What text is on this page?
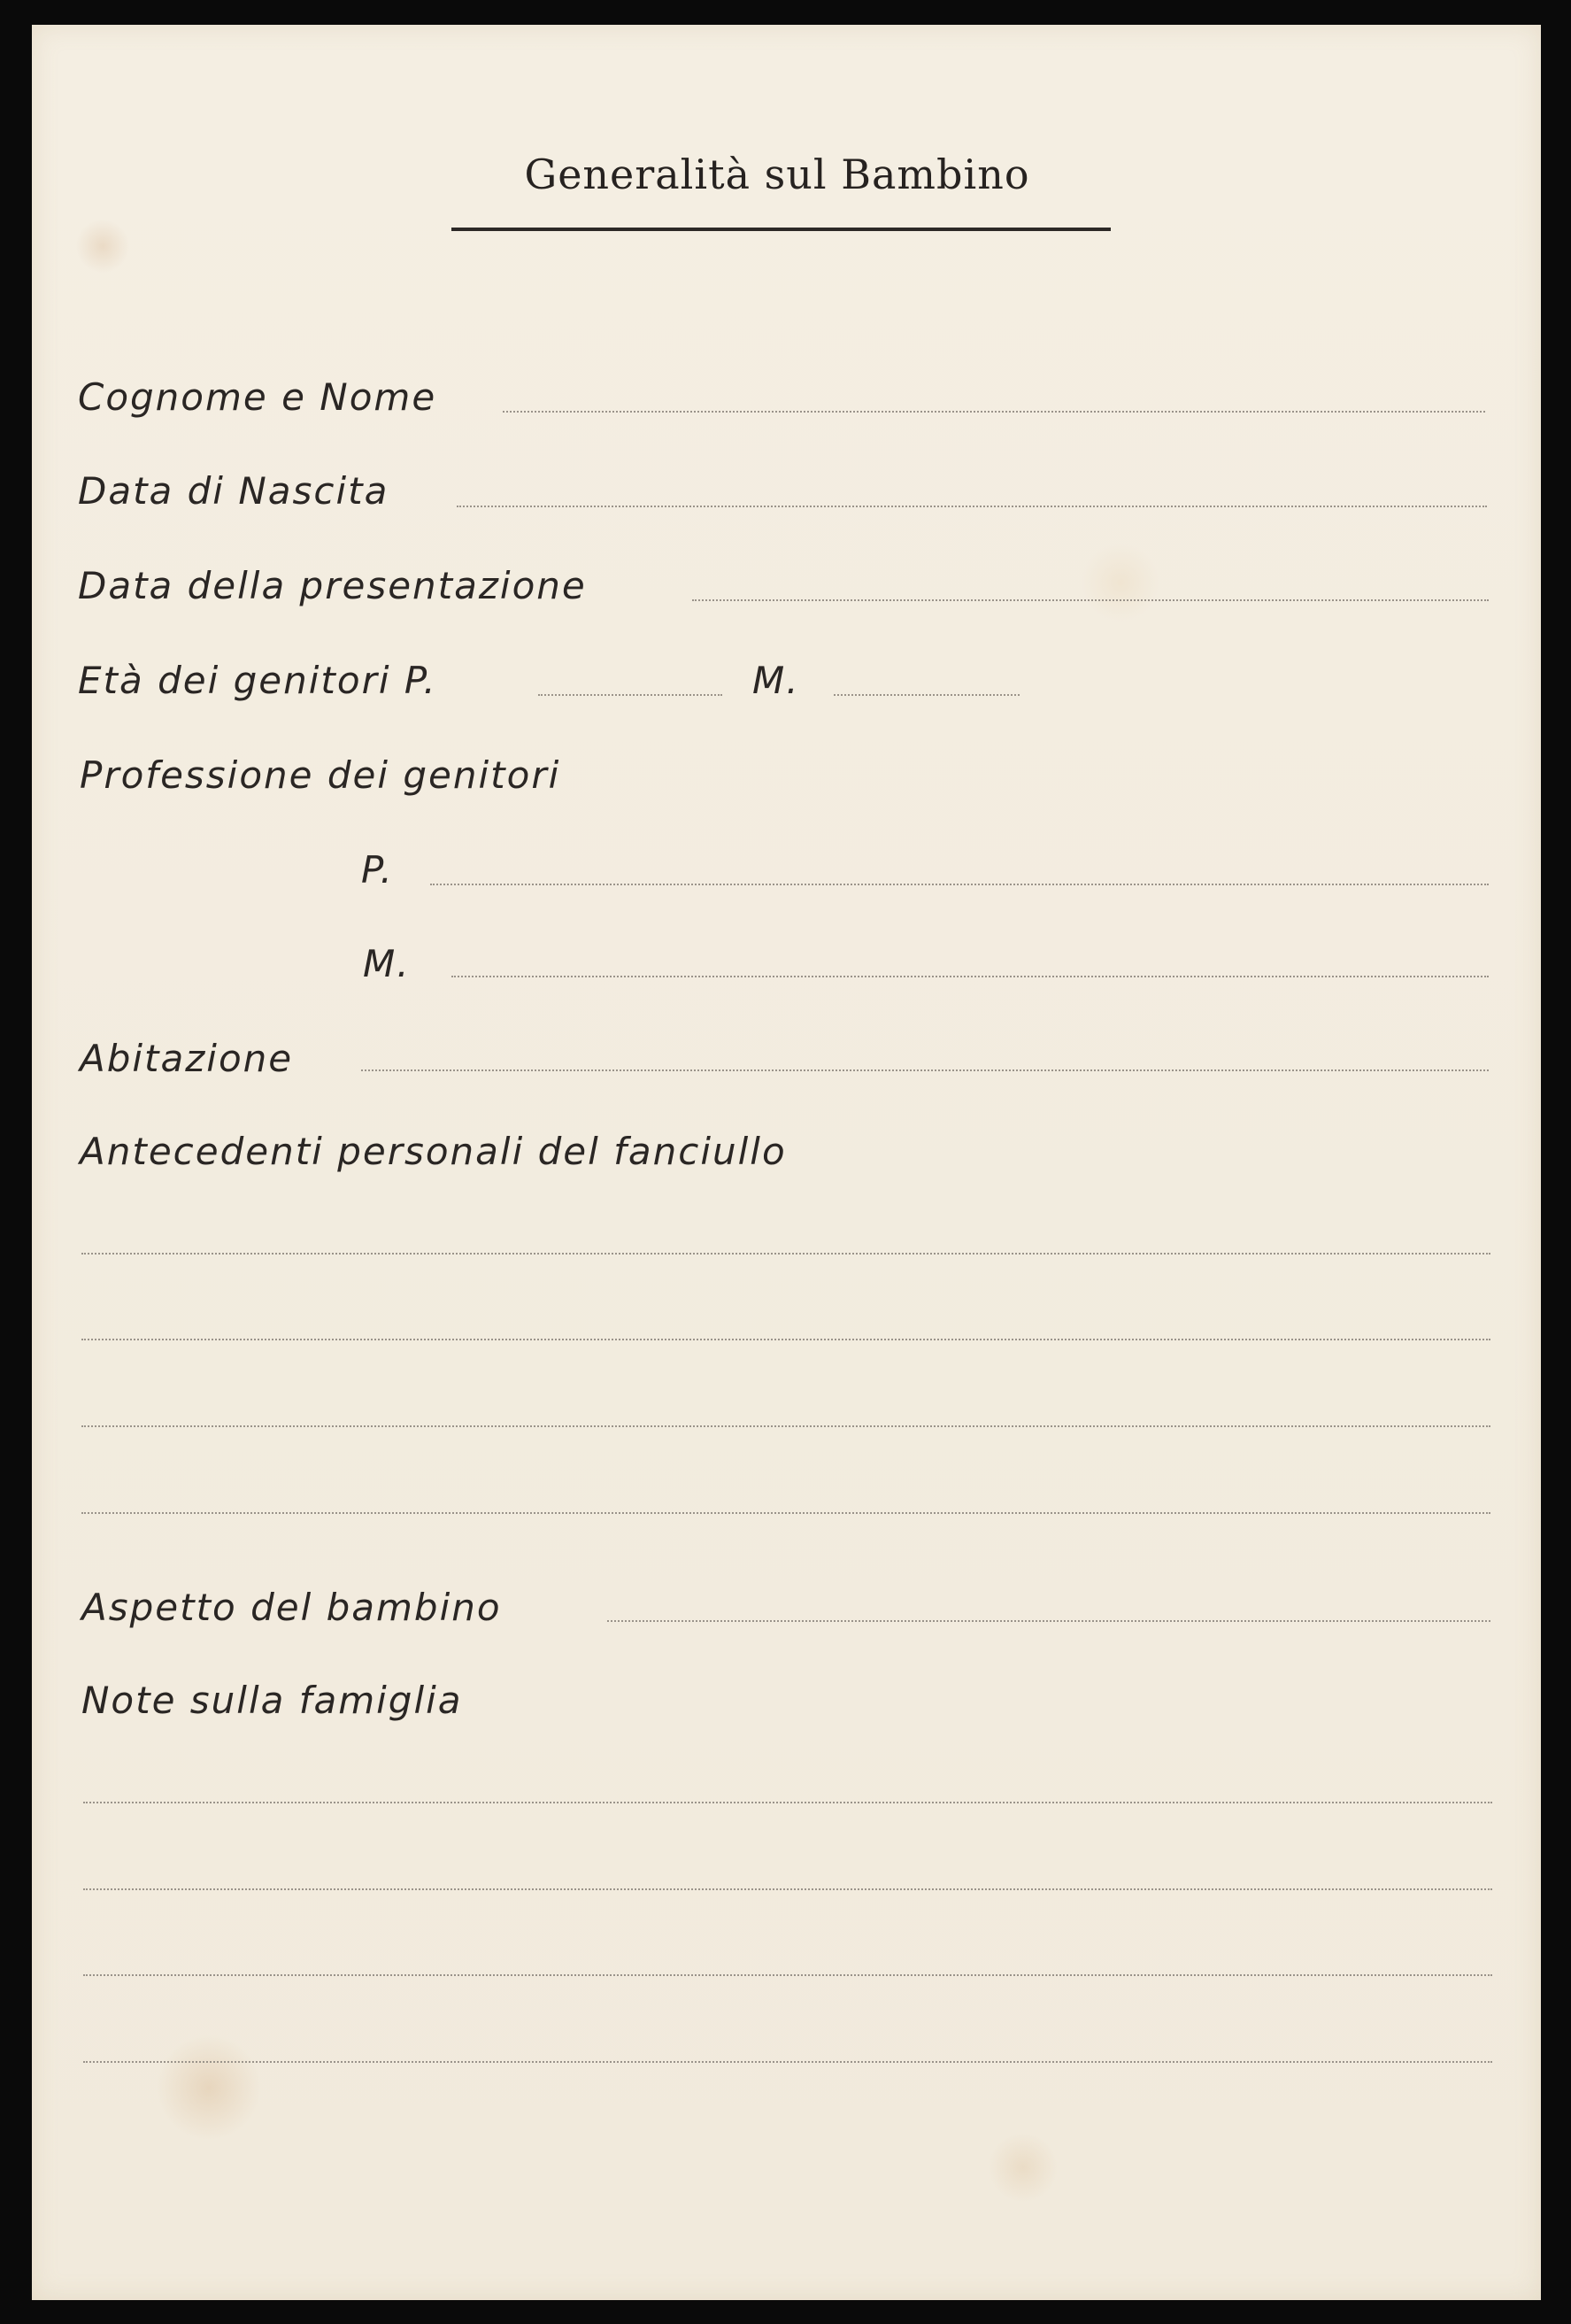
Generalità sul Bambino
Cognome e Nome
Data di Nascita
Data della presentazione
Età dei genitori P.	M.
Professione dei genitori
P.
M.
Abitazione
Antecedenti personali del fanciullo
Aspetto del bambino
Note sulla famiglia
